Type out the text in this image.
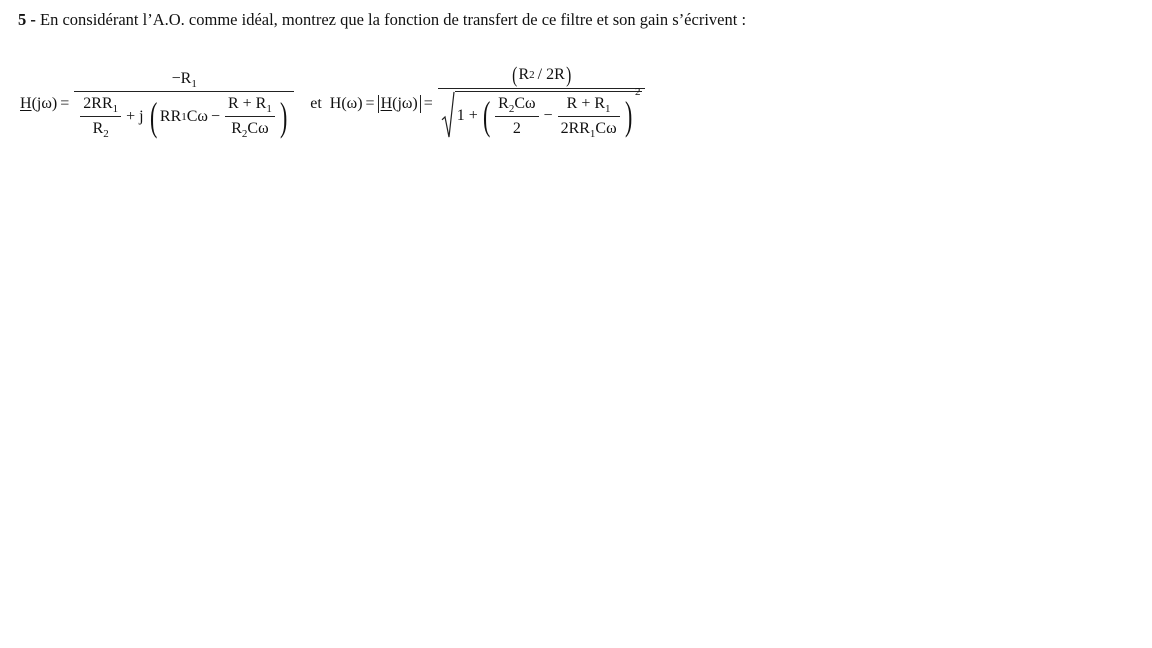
5 - En considérant l’A.O. comme idéal, montrez que la fonction de transfert de ce filtre et son gain s’écrivent :
H (jω) =
$-R_1$
$\frac{2RR_1}{R_2} + j$ ( RR 1 $C\omega - \frac{R + R_1}{R_2C\omega}$ ) et H(ω) = H(jω) =
( R 2 / 2R )
1 + ( $\frac{R_2C\omega}{2} - \frac{R + R_1}{2RR_1C\omega}$ )
2
